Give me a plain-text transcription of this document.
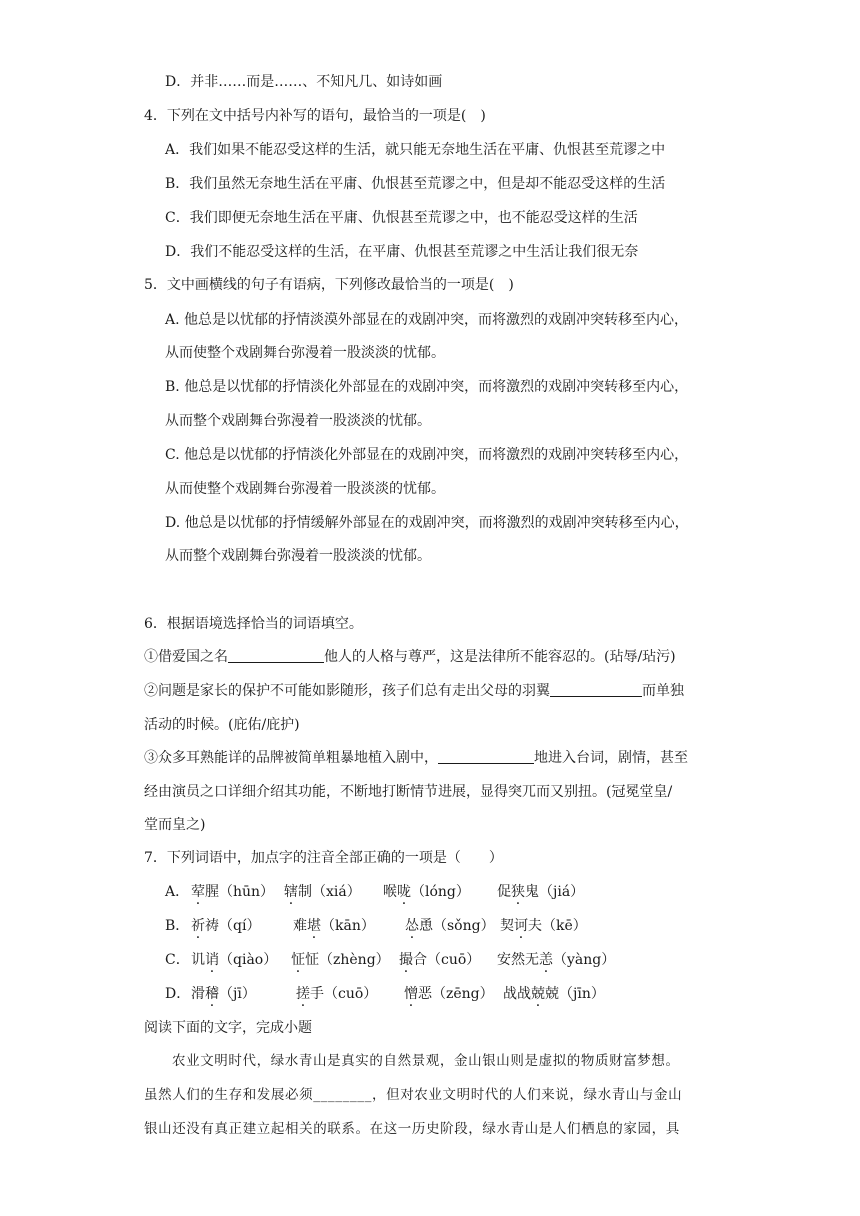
D．并非……而是……、不知凡几、如诗如画
4．下列在文中括号内补写的语句，最恰当的一项是(　)
A．我们如果不能忍受这样的生活，就只能无奈地生活在平庸、仇恨甚至荒谬之中
B．我们虽然无奈地生活在平庸、仇恨甚至荒谬之中，但是却不能忍受这样的生活
C．我们即便无奈地生活在平庸、仇恨甚至荒谬之中，也不能忍受这样的生活
D．我们不能忍受这样的生活，在平庸、仇恨甚至荒谬之中生活让我们很无奈
5．文中画横线的句子有语病，下列修改最恰当的一项是(　)
A. 他总是以忧郁的抒情淡漠外部显在的戏剧冲突，而将激烈的戏剧冲突转移至内心，
从而使整个戏剧舞台弥漫着一股淡淡的忧郁。
B. 他总是以忧郁的抒情淡化外部显在的戏剧冲突，而将激烈的戏剧冲突转移至内心，
从而整个戏剧舞台弥漫着一股淡淡的忧郁。
C. 他总是以忧郁的抒情淡化外部显在的戏剧冲突，而将激烈的戏剧冲突转移至内心，
从而使整个戏剧舞台弥漫着一股淡淡的忧郁。
D. 他总是以忧郁的抒情缓解外部显在的戏剧冲突，而将激烈的戏剧冲突转移至内心，
从而整个戏剧舞台弥漫着一股淡淡的忧郁。
6．根据语境选择恰当的词语填空。
①借爱国之名	他人的人格与尊严，这是法律所不能容忍的。(玷辱/玷污)
②问题是家长的保护不可能如影随形，孩子们总有走出父母的羽翼	而单独
活动的时候。(庇佑/庇护)
③众多耳熟能详的品牌被简单粗暴地植入剧中，	地进入台词，剧情，甚至
经由演员之口详细介绍其功能，不断地打断情节进展，显得突兀而又别扭。(冠冕堂皇/
堂而皇之)
7．下列词语中，加点字的注音全部正确的一项是（　　）
A． 荤腥（hūn） 辖制（xiá） 喉咙（lóng） 促狭鬼（jiá）
B． 祈祷（qí） 难堪（kān） 怂恿（sǒng） 契诃夫（kē）
C． 讥诮（qiào） 怔怔（zhèng） 撮合（cuō） 安然无恙（yàng）
D． 滑稽（jī）	搓手（cuō） 憎恶（zēng） 战战兢兢（jīn）
阅读下面的文字，完成小题
农业文明时代，绿水青山是真实的自然景观，金山银山则是虚拟的物质财富梦想。
虽然人们的生存和发展必须________，但对农业文明时代的人们来说，绿水青山与金山
银山还没有真正建立起相关的联系。在这一历史阶段，绿水青山是人们栖息的家园，具
